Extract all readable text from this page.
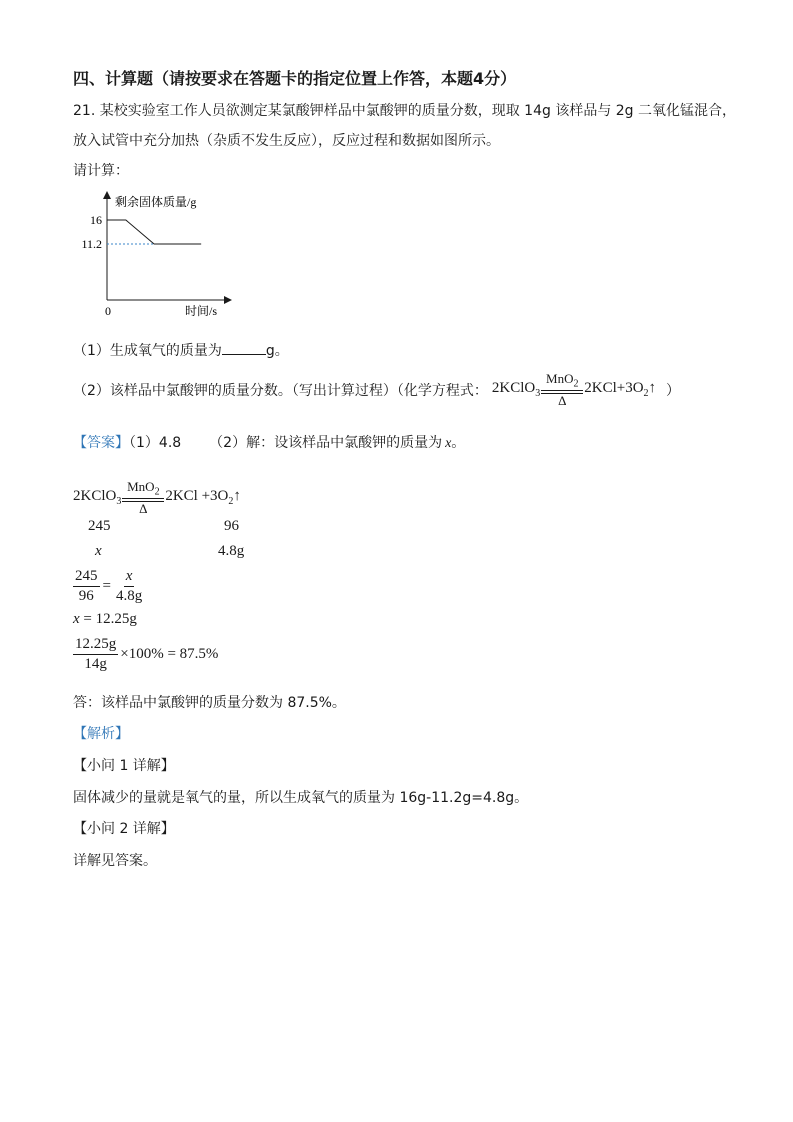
四、计算题（请按要求在答题卡的指定位置上作答，本题4分）
21. 某校实验室工作人员欲测定某氯酸钾样品中氯酸钾的质量分数，现取 14g 该样品与 2g 二氧化锰混合，
放入试管中充分加热（杂质不发生反应），反应过程和数据如图所示。
请计算：
剩余固体质量/g
时间/s
0
16
11.2
（1）生成氧气的质量为	g。
（2）该样品中氯酸钾的质量分数。（写出计算过程）（化学方程式： 2KClO$_3$
MnO$_2$
Δ
$2KCl+3O_2↑$ ）
【答案】（1）4.8 （2）解：设该样品中氯酸钾的质量为 x。
2KClO$_3$
MnO$_2$
Δ
$2KCl +3O_2↑$
245	96
x	4.8g
$\frac{245}{96} = \frac{x}{4.8g}$
x = 12.25g
$\frac{12.25g}{14g} \times 100\% = 87.5\%$
答：该样品中氯酸钾的质量分数为 87.5%。
【解析】
【小问 1 详解】
固体减少的量就是氧气的量，所以生成氧气的质量为 16g-11.2g=4.8g。
【小问 2 详解】
详解见答案。
